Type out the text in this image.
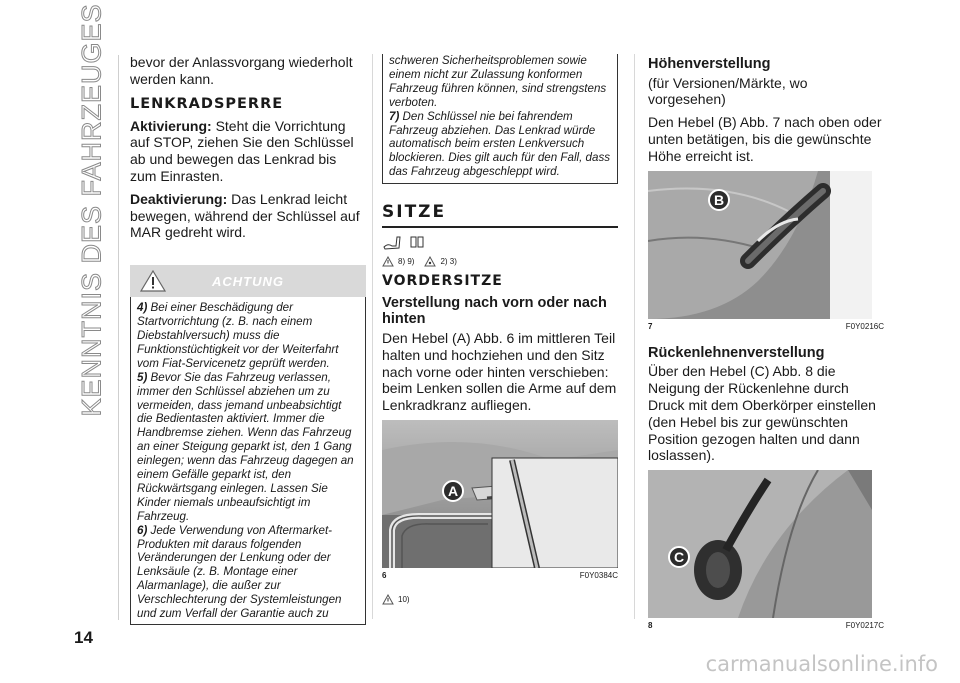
KENNTNIS DES FAHRZEUGES
14

bevor der Anlassvorgang wiederholt werden kann.

LENKRADSPERRE

Aktivierung: Steht die Vorrichtung auf STOP, ziehen Sie den Schlüssel ab und bewegen das Lenkrad bis zum Einrasten.

Deaktivierung: Das Lenkrad leicht bewegen, während der Schlüssel auf MAR gedreht wird.

ACHTUNG

4) Bei einer Beschädigung der Startvorrichtung (z. B. nach einem Diebstahlversuch) muss die Funktionstüchtigkeit vor der Weiterfahrt vom Fiat-Servicenetz geprüft werden.

5) Bevor Sie das Fahrzeug verlassen, immer den Schlüssel abziehen um zu vermeiden, dass jemand unbeabsichtigt die Bedientasten aktiviert. Immer die Handbremse ziehen. Wenn das Fahrzeug an einer Steigung geparkt ist, den 1 Gang einlegen; wenn das Fahrzeug dagegen an einem Gefälle geparkt ist, den Rückwärtsgang einlegen. Lassen Sie Kinder niemals unbeaufsichtigt im Fahrzeug.

6) Jede Verwendung von Aftermarket-Produkten mit daraus folgenden Veränderungen der Lenkung oder der Lenksäule (z. B. Montage einer Alarmanlage), die außer zur Verschlechterung der Systemleistungen und zum Verfall der Garantie auch zu

schweren Sicherheitsproblemen sowie einem nicht zur Zulassung konformen Fahrzeug führen können, sind strengstens verboten.

7) Den Schlüssel nie bei fahrendem Fahrzeug abziehen. Das Lenkrad würde automatisch beim ersten Lenkversuch blockieren. Dies gilt auch für den Fall, dass das Fahrzeug abgeschleppt wird.

SITZE
8) 9)	2) 3)
VORDERSITZE
Verstellung nach vorn oder nach hinten

Den Hebel (A) Abb. 6 im mittleren Teil halten und hochziehen und den Sitz nach vorne oder hinten verschieben: beim Lenken sollen die Arme auf dem Lenkradkranz aufliegen.

A
6	F0Y0384C
10)
Höhenverstellung

(für Versionen/Märkte, wo vorgesehen)

Den Hebel (B) Abb. 7 nach oben oder unten betätigen, bis die gewünschte Höhe erreicht ist.

B
7	F0Y0216C
Rückenlehnenverstellung

Über den Hebel (C) Abb. 8 die Neigung der Rückenlehne durch Druck mit dem Oberkörper einstellen (den Hebel bis zur gewünschten Position gezogen halten und dann loslassen).

C
8	F0Y0217C
carmanualsonline.info
